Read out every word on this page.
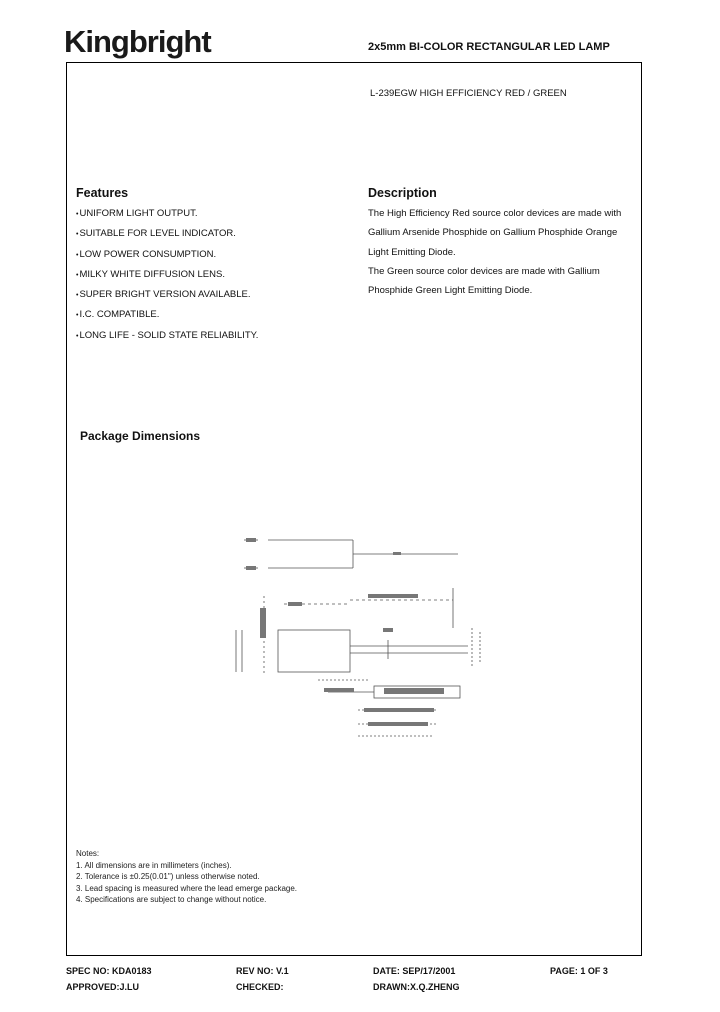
Kingbright	2x5mm BI-COLOR RECTANGULAR LED LAMP
L-239EGW HIGH EFFICIENCY RED / GREEN
Features
• UNIFORM LIGHT OUTPUT.
• SUITABLE FOR LEVEL INDICATOR.
• LOW POWER CONSUMPTION.
• MILKY WHITE DIFFUSION LENS.
• SUPER BRIGHT VERSION AVAILABLE.
• I.C. COMPATIBLE.
• LONG LIFE - SOLID STATE RELIABILITY.
Description
The High Efficiency Red source color devices are made with
Gallium Arsenide Phosphide on Gallium Phosphide Orange
Light Emitting Diode.
The Green source color devices are made with Gallium
Phosphide Green Light Emitting Diode.
Package Dimensions
Notes:
1. All dimensions are in millimeters (inches).
2. Tolerance is ±0.25(0.01") unless otherwise noted.
3. Lead spacing is measured where the lead emerge package.
4. Specifications are subject to change without notice.
SPEC NO: KDA0183	REV NO: V.1	DATE: SEP/17/2001	PAGE: 1 OF 3
APPROVED:J.LU	CHECKED:	DRAWN:X.Q.ZHENG
